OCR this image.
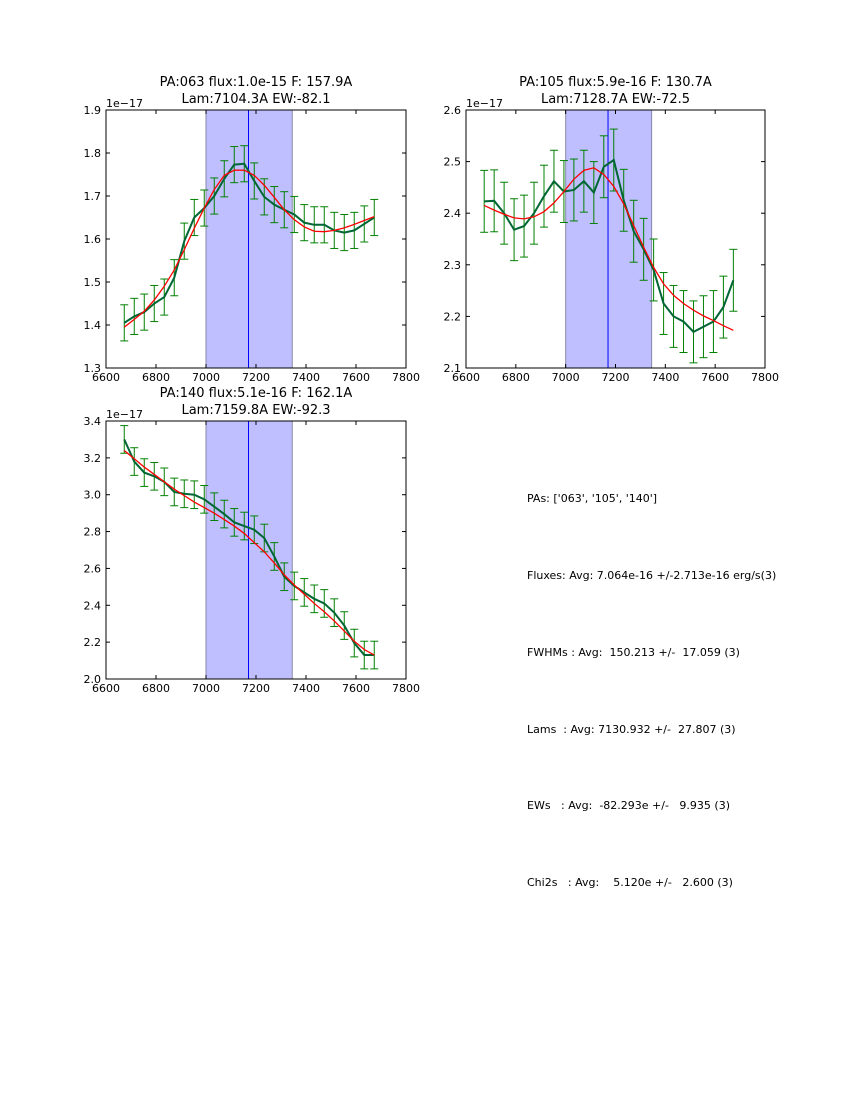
PA:063 flux:1.0e-15 F: 157.9A
Lam:7104.3A EW:-82.1
1e−17
6600 6800 7000 7200 7400 7600 7800
1.3
1.4
1.5
1.6
1.7
1.8
1.9
PA:105 flux:5.9e-16 F: 130.7A
Lam:7128.7A EW:-72.5
1e−17
6600 6800 7000 7200 7400 7600 7800
2.1
2.2
2.3
2.4
2.5
2.6
PA:140 flux:5.1e-16 F: 162.1A
Lam:7159.8A EW:-92.3
1e−17
6600 6800 7000 7200 7400 7600 7800
2.0
2.2
2.4
2.6
2.8
3.0
3.2
3.4

PAs: ['063', '105', '140']

Fluxes: Avg: 7.064e-16 +/-2.713e-16 erg/s(3)

FWHMs : Avg:  150.213 +/-  17.059 (3)

Lams  : Avg: 7130.932 +/-  27.807 (3)

EWs   : Avg:  -82.293e +/-   9.935 (3)

Chi2s   : Avg:    5.120e +/-   2.600 (3)
